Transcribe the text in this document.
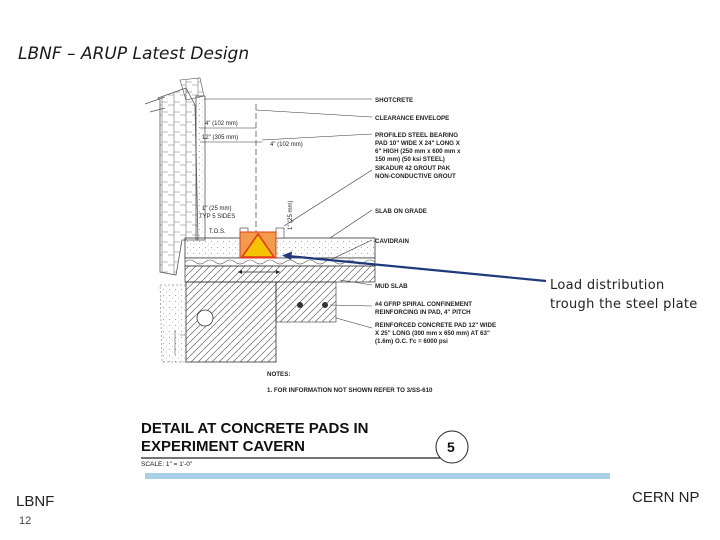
LBNF – ARUP Latest Design
4" (102 mm)
12" (305 mm)
4" (102 mm)
1" (25 mm)
TYP 5 SIDES
T.O.S.
1" (25 mm)
SHOTCRETE
CLEARANCE ENVELOPE
PROFILED STEEL BEARING
PAD 10" WIDE X 24" LONG X
6" HIGH (250 mm x 600 mm x
150 mm) (50 ksi STEEL)
SIKADUR 42 GROUT PAK
NON-CONDUCTIVE GROUT
SLAB ON GRADE
CAVIDRAIN
MUD SLAB
#4 GFRP SPIRAL CONFINEMENT
REINFORCING IN PAD, 4" PITCH
REINFORCED CONCRETE PAD 12" WIDE
X 25" LONG (300 mm x 650 mm) AT 63"
(1.6m) O.C. f'c = 6000 psi
NOTES:
1. FOR INFORMATION NOT SHOWN REFER TO 3/SS-610
DETAIL AT CONCRETE PADS IN
EXPERIMENT CAVERN
SCALE: 1" = 1'-0"
5
Load distribution
trough the steel plate
LBNF
12
CERN NP
